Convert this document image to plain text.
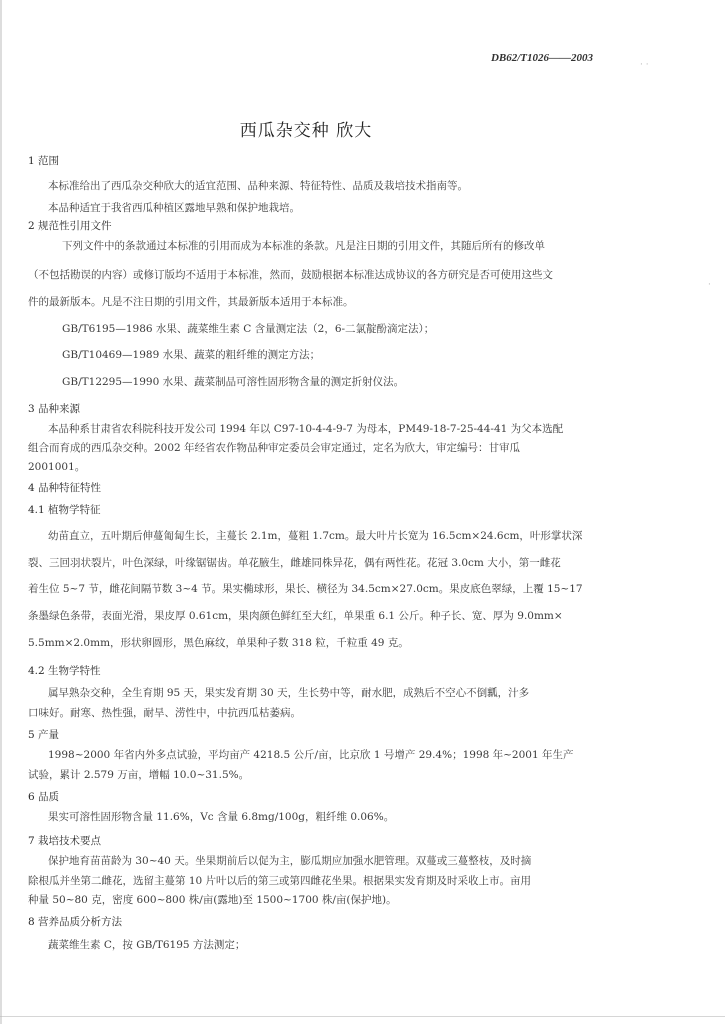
DB62/T1026——2003
西瓜杂交种 欣大
1 范围
本标准给出了西瓜杂交种欣大的适宜范围、品种来源、特征特性、品质及栽培技术指南等。
本品种适宜于我省西瓜种植区露地早熟和保护地栽培。
2 规范性引用文件
下列文件中的条款通过本标准的引用而成为本标准的条款。凡是注日期的引用文件，其随后所有的修改单
（不包括勘误的内容）或修订版均不适用于本标准，然而，鼓励根据本标准达成协议的各方研究是否可使用这些文
件的最新版本。凡是不注日期的引用文件，其最新版本适用于本标准。
GB/T6195—1986 水果、蔬菜维生素 C 含量测定法（2，6-二氯靛酚滴定法）；
GB/T10469—1989 水果、蔬菜的粗纤维的测定方法；
GB/T12295—1990 水果、蔬菜制品可溶性固形物含量的测定折射仪法。
3 品种来源
本品种系甘肃省农科院科技开发公司 1994 年以 C97-10-4-4-9-7 为母本，PM49-18-7-25-44-41 为父本选配
组合而育成的西瓜杂交种。2002 年经省农作物品种审定委员会审定通过，定名为欣大，审定编号：甘审瓜
2001001。
4 品种特征特性
4.1 植物学特征
幼苗直立，五叶期后伸蔓匍匐生长，主蔓长 2.1m，蔓粗 1.7cm。最大叶片长宽为 16.5cm×24.6cm，叶形掌状深
裂、三回羽状裂片，叶色深绿，叶缘锯锯齿。单花腋生，雌雄同株异花，偶有两性花。花冠 3.0cm 大小，第一雌花
着生位 5~7 节，雌花间隔节数 3~4 节。果实椭球形，果长、横径为 34.5cm×27.0cm。果皮底色翠绿，上覆 15~17
条墨绿色条带，表面光滑，果皮厚 0.61cm，果肉颜色鲜红至大红，单果重 6.1 公斤。种子长、宽、厚为 9.0mm×
5.5mm×2.0mm，形状卵圆形，黑色麻纹，单果种子数 318 粒，千粒重 49 克。
4.2 生物学特性
属早熟杂交种，全生育期 95 天，果实发育期 30 天，生长势中等，耐水肥，成熟后不空心不倒瓤，汁多
口味好。耐寒、热性强，耐旱、涝性中，中抗西瓜枯萎病。
5 产量
1998~2000 年省内外多点试验，平均亩产 4218.5 公斤/亩，比京欣 1 号增产 29.4%；1998 年~2001 年生产
试验，累计 2.579 万亩，增幅 10.0~31.5%。
6 品质
果实可溶性固形物含量 11.6%，Vc 含量 6.8mg/100g，粗纤维 0.06%。
7 栽培技术要点
保护地育苗苗龄为 30~40 天。坐果期前后以促为主，膨瓜期应加强水肥管理。双蔓或三蔓整枝，及时摘
除根瓜并坐第二雌花，选留主蔓第 10 片叶以后的第三或第四雌花坐果。根据果实发育期及时采收上市。亩用
种量 50~80 克，密度 600~800 株/亩(露地)至 1500~1700 株/亩(保护地)。
8 营养品质分析方法
蔬菜维生素 C，按 GB/T6195 方法测定；
· ·
·
